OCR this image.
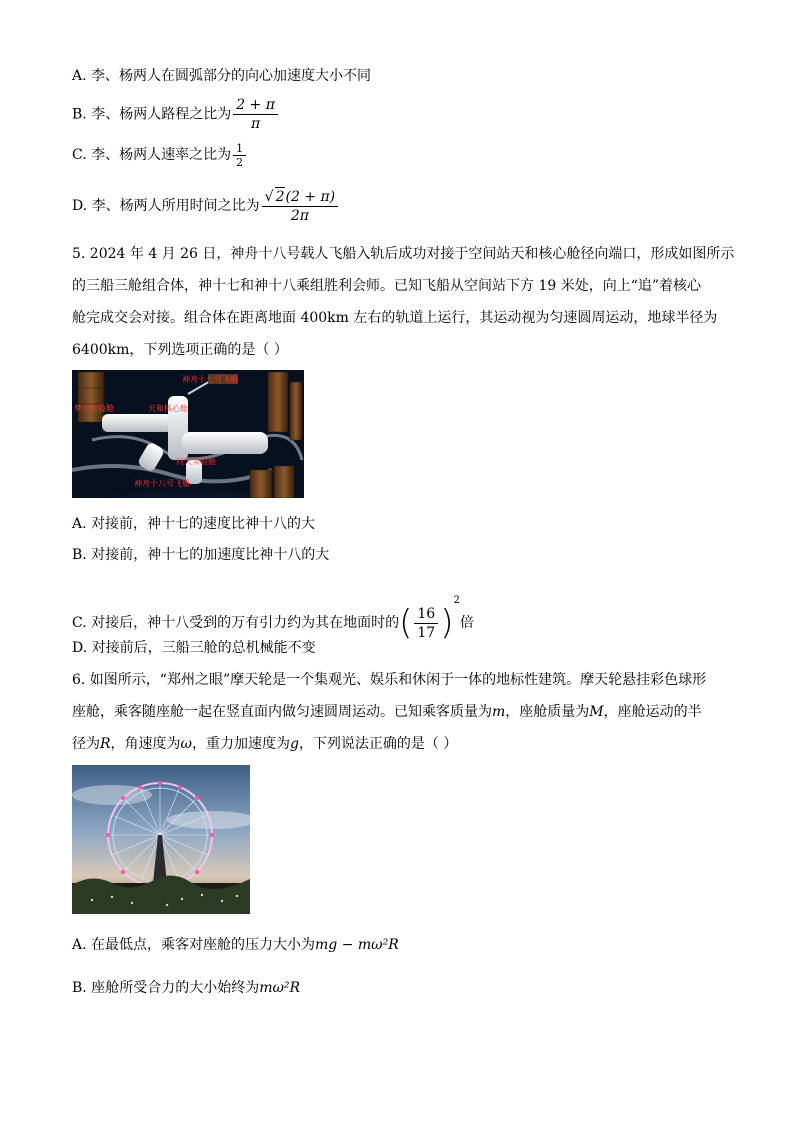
A. 李、杨两人在圆弧部分的向心加速度大小不同
B. 李、杨两人路程之比为 $\frac{2 + \pi}{\pi}$
C. 李、杨两人速率之比为 $\frac{1}{2}$
D. 李、杨两人所用时间之比为 $\frac{√ 2(2 + \pi)}{2\pi}$
5. 2024 年 4 月 26 日，神舟十八号载人飞船入轨后成功对接于空间站天和核心舱径向端口，形成如图所示
的三船三舱组合体，神十七和神十八乘组胜利会师。已知飞船从空间站下方 19 米处，向上“追”着核心
舱完成交会对接。组合体在距离地面 400km 左右的轨道上运行，其运动视为匀速圆周运动，地球半径为
6400km，下列选项正确的是（ ）
神舟十七号飞船
梦天实验舱	天和核心舱
问天实验舱
神舟十八号飞船
A. 对接前，神十七的速度比神十八的大
B. 对接前，神十七的加速度比神十八的大
C. 对接后，神十八受到的万有引力约为其在地面时的( $\frac{16}{17} )^2$倍
D. 对接前后，三船三舱的总机械能不变
6. 如图所示，“郑州之眼”摩天轮是一个集观光、娱乐和休闲于一体的地标性建筑。摩天轮悬挂彩色球形
座舱，乘客随座舱一起在竖直面内做匀速圆周运动。已知乘客质量为m，座舱质量为M，座舱运动的半
径为R，角速度为ω，重力加速度为g，下列说法正确的是（ ）
A. 在最低点，乘客对座舱的压力大小为mg − mω²R
B. 座舱所受合力的大小始终为mω²R
